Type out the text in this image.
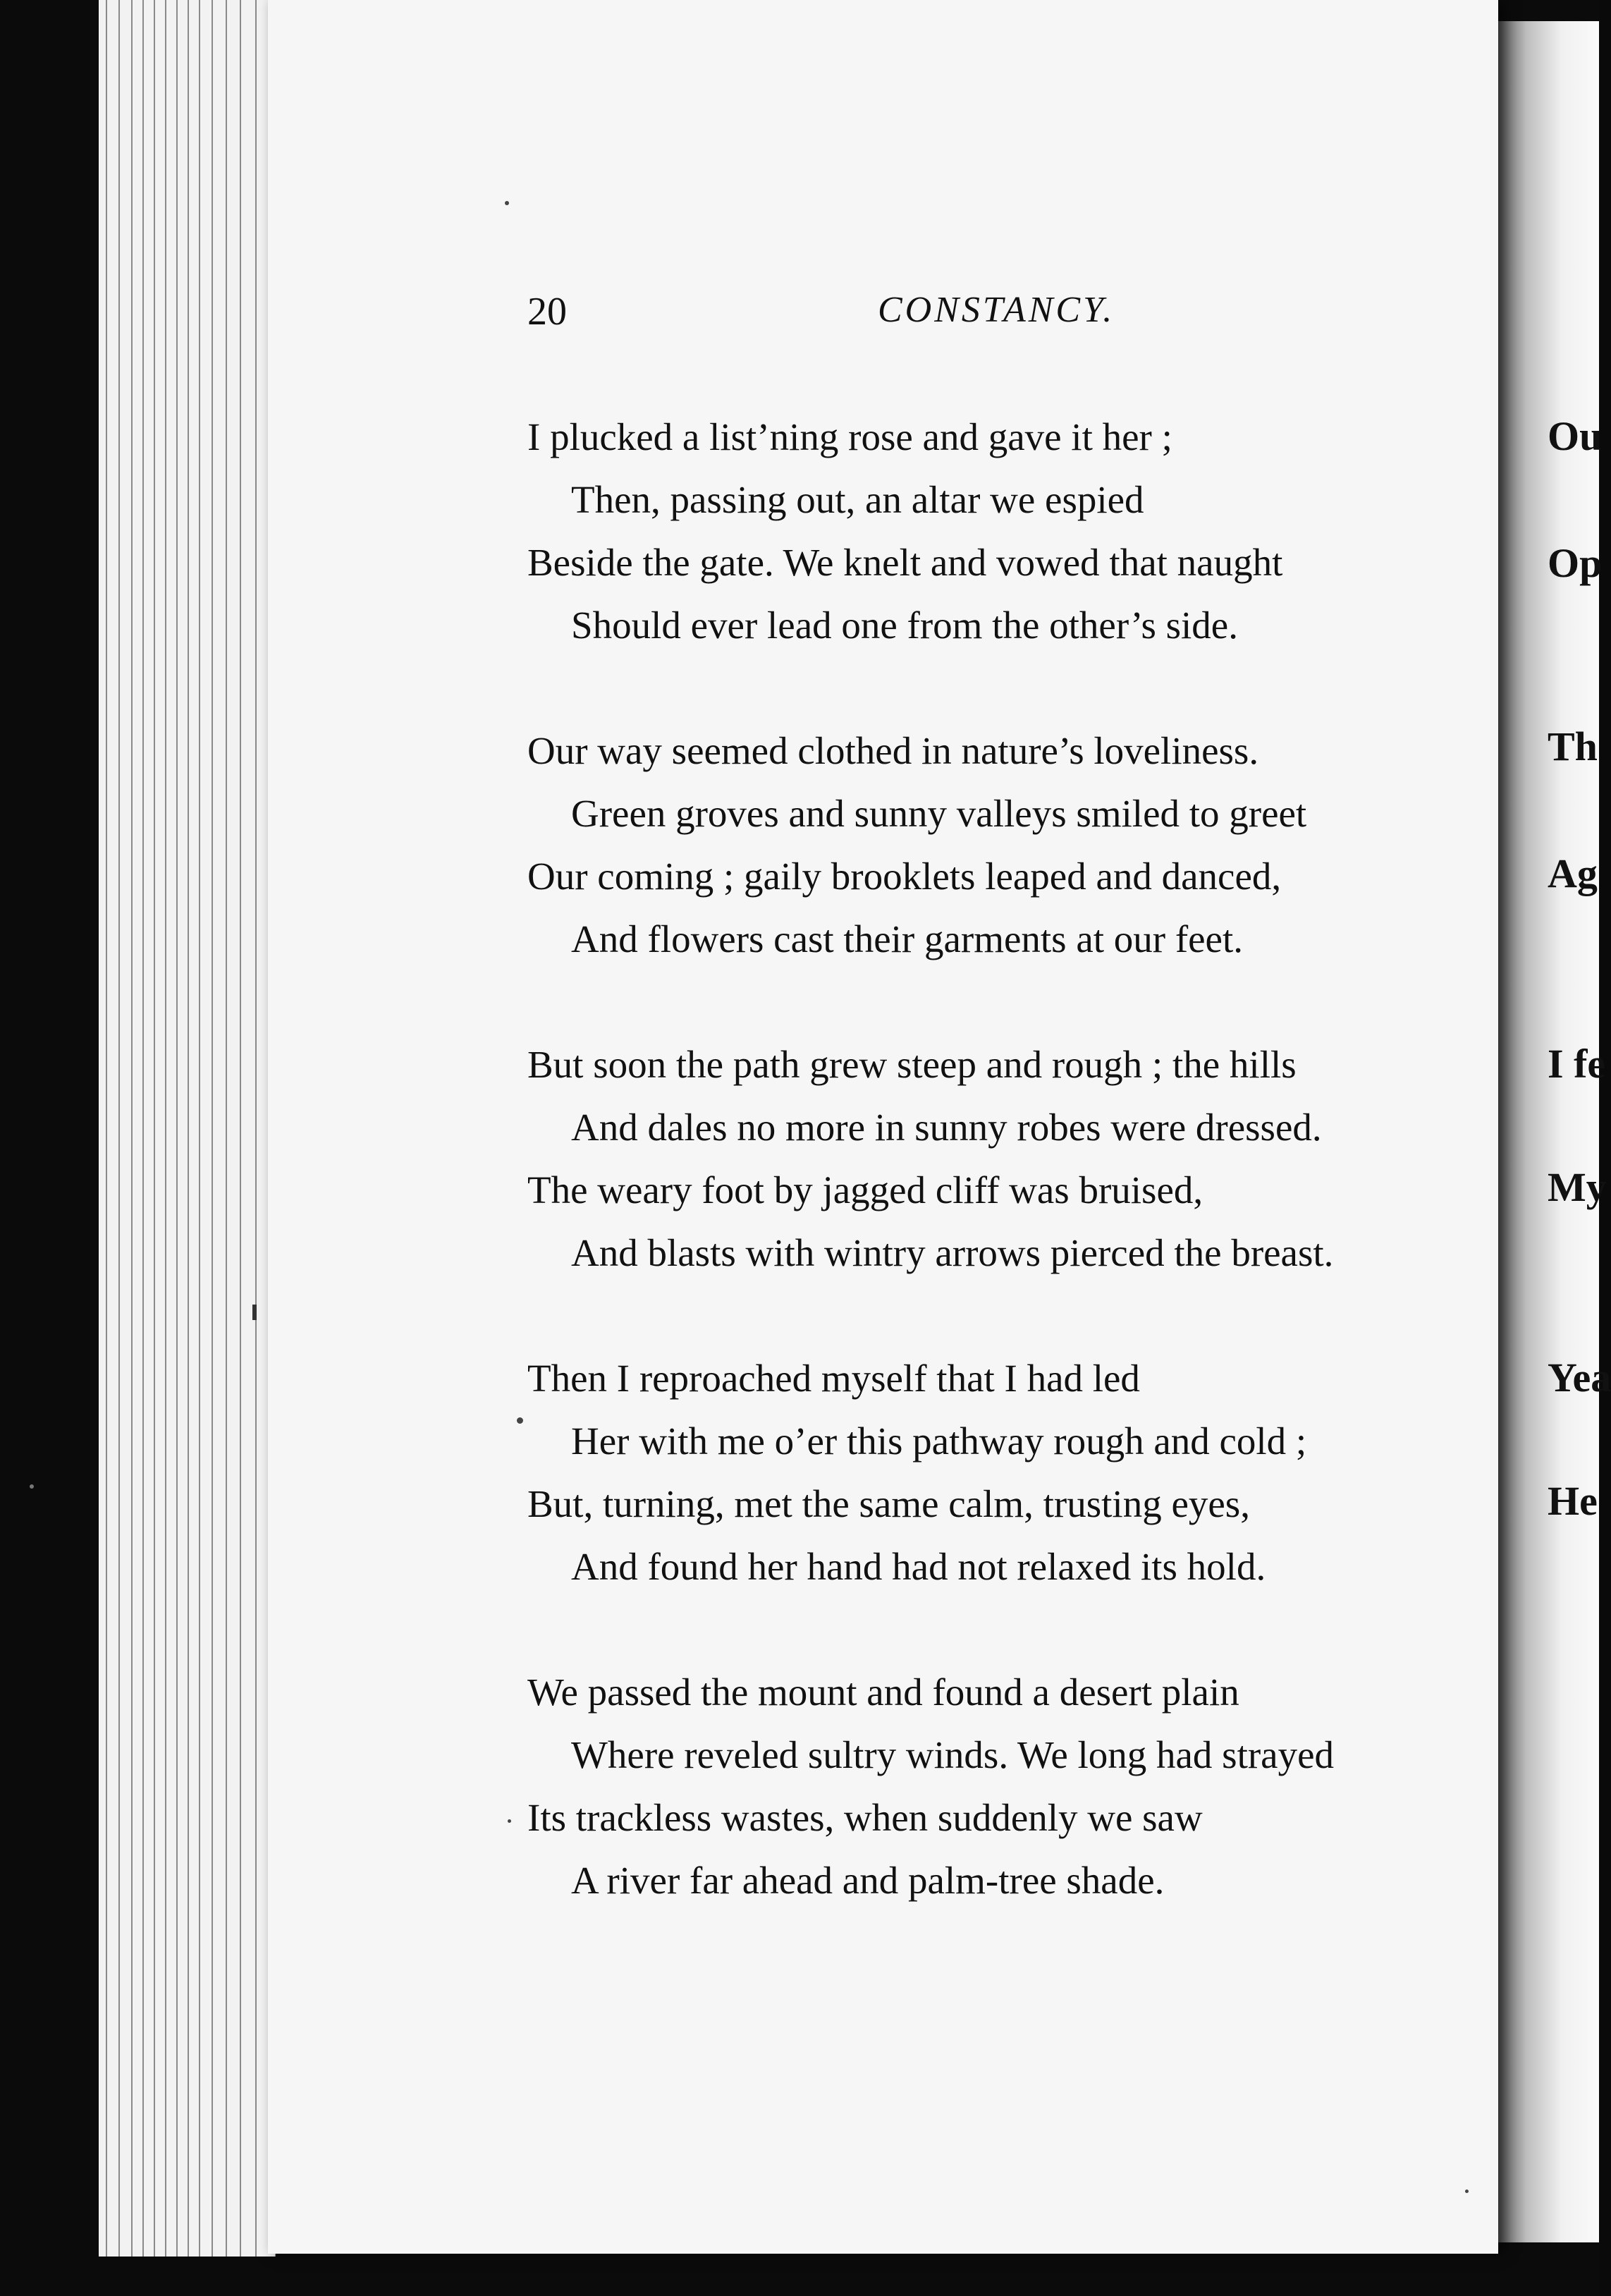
20	CONSTANCY.
I plucked a list’ning rose and gave it her ;
Then, passing out, an altar we espied
Beside the gate. We knelt and vowed that naught
Should ever lead one from the other’s side.
Our way seemed clothed in nature’s loveliness.
Green groves and sunny valleys smiled to greet
Our coming ; gaily brooklets leaped and danced,
And flowers cast their garments at our feet.
But soon the path grew steep and rough ; the hills
And dales no more in sunny robes were dressed.
The weary foot by jagged cliff was bruised,
And blasts with wintry arrows pierced the breast.
Then I reproached myself that I had led
Her with me o’er this pathway rough and cold ;
But, turning, met the same calm, trusting eyes,
And found her hand had not relaxed its hold.
We passed the mount and found a desert plain
Where reveled sultry winds. We long had strayed
Its trackless wastes, when suddenly we saw
A river far ahead and palm-tree shade.
Ou
Op
Th
Ag
I fe
My
Yea
He
